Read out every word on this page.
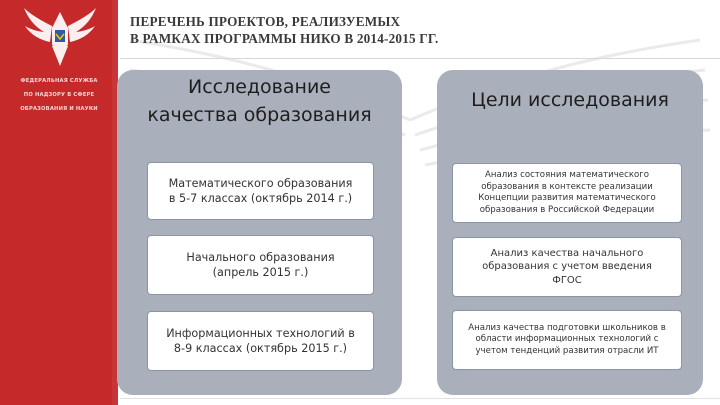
ФЕДЕРАЛЬНАЯ СЛУЖБА
ПО НАДЗОРУ В СФЕРЕ
ОБРАЗОВАНИЯ И НАУКИ
ПЕРЕЧЕНЬ ПРОЕКТОВ, РЕАЛИЗУЕМЫХ
В РАМКАХ ПРОГРАММЫ НИКО В 2014-2015 ГГ.
Исследование
качества образования
Цели исследования
Математического образования
в 5-7 классах (октябрь 2014 г.)
Начального образования
(апрель 2015 г.)
Информационных технологий в
8-9 классах (октябрь 2015 г.)
Анализ состояния математического
образования в контексте реализации
Концепции развития математического
образования в Российской Федерации
Анализ качества начального
образования с учетом введения
ФГОС
Анализ качества подготовки школьников в
области информационных технологий с
учетом тенденций развития отрасли ИТ
